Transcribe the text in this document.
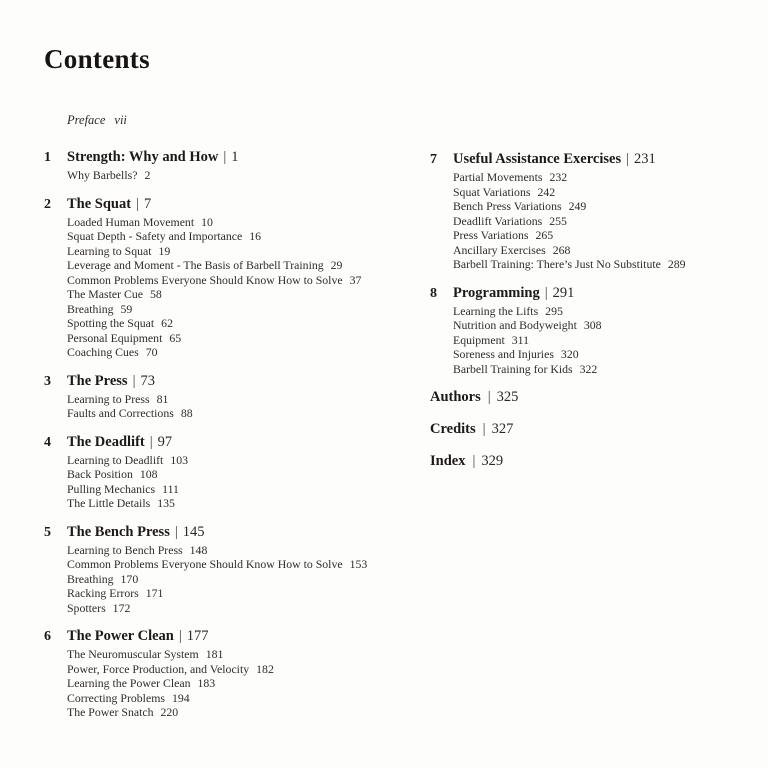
Contents
Preface vii
1	Strength: Why and How | 1
Why Barbells? 2
2	The Squat | 7
Loaded Human Movement 10
Squat Depth - Safety and Importance 16
Learning to Squat 19
Leverage and Moment - The Basis of Barbell Training 29
Common Problems Everyone Should Know How to Solve 37
The Master Cue 58
Breathing 59
Spotting the Squat 62
Personal Equipment 65
Coaching Cues 70
3	The Press | 73
Learning to Press 81
Faults and Corrections 88
4	The Deadlift | 97
Learning to Deadlift 103
Back Position 108
Pulling Mechanics 111
The Little Details 135
5	The Bench Press | 145
Learning to Bench Press 148
Common Problems Everyone Should Know How to Solve 153
Breathing 170
Racking Errors 171
Spotters 172
6	The Power Clean | 177
The Neuromuscular System 181
Power, Force Production, and Velocity 182
Learning the Power Clean 183
Correcting Problems 194
The Power Snatch 220
7	Useful Assistance Exercises | 231
Partial Movements 232
Squat Variations 242
Bench Press Variations 249
Deadlift Variations 255
Press Variations 265
Ancillary Exercises 268
Barbell Training: There’s Just No Substitute 289
8	Programming | 291
Learning the Lifts 295
Nutrition and Bodyweight 308
Equipment 311
Soreness and Injuries 320
Barbell Training for Kids 322
Authors | 325
Credits | 327
Index | 329
